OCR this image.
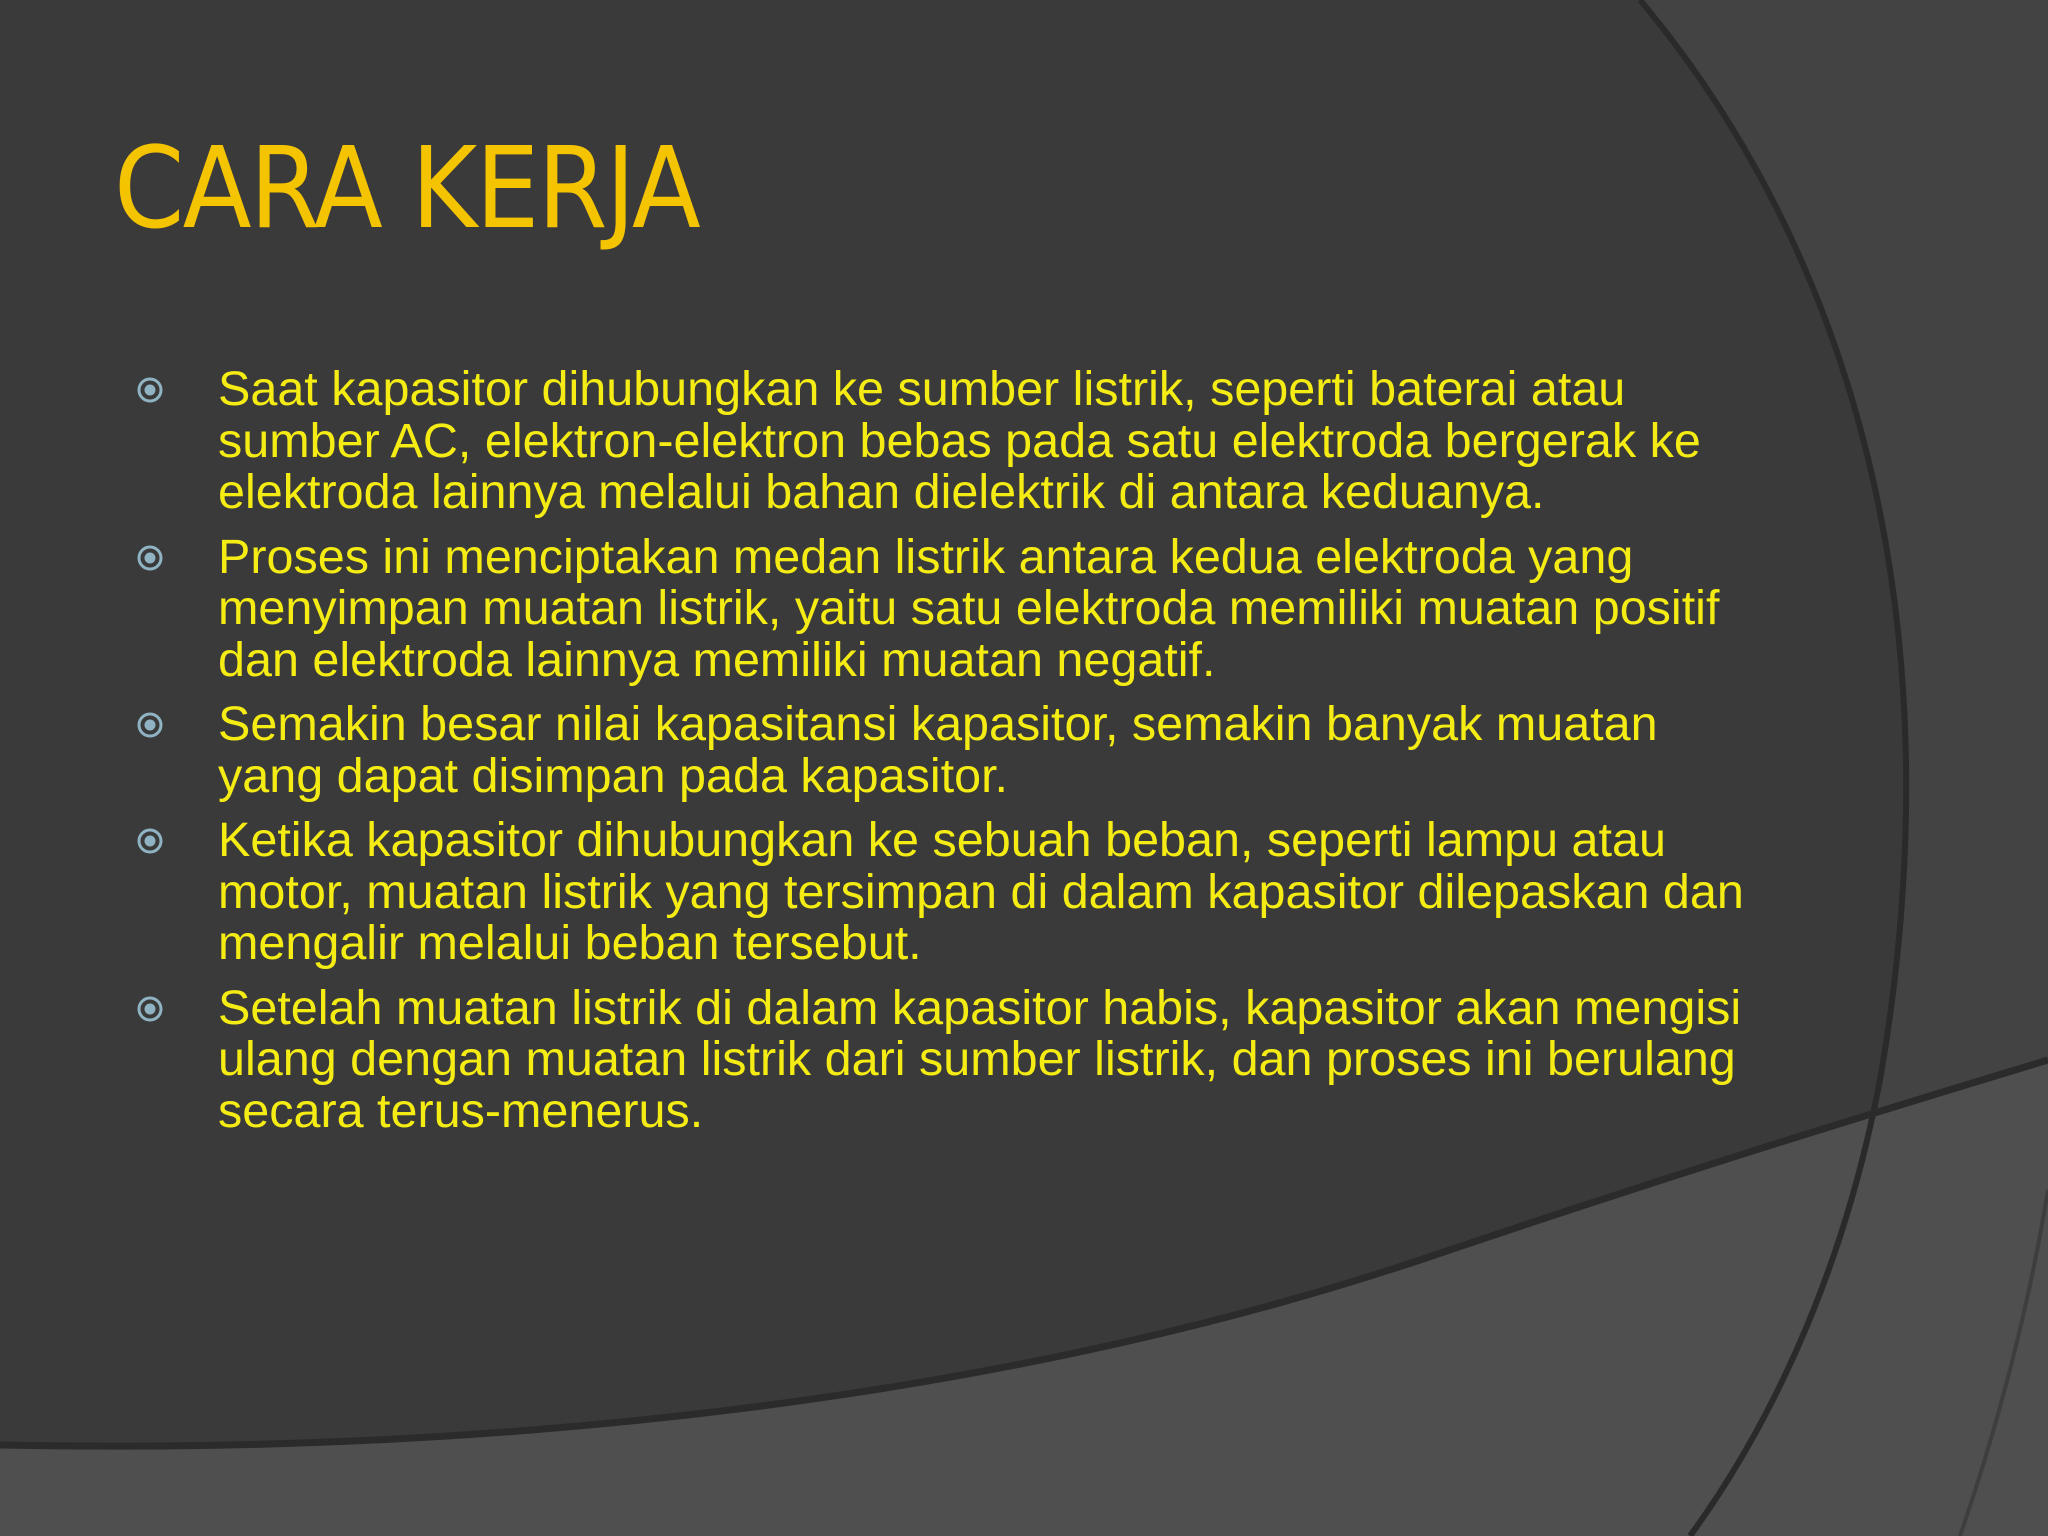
CARA KERJA
Saat kapasitor dihubungkan ke sumber listrik, seperti baterai atau sumber AC, elektron-elektron bebas pada satu elektroda bergerak ke elektroda lainnya melalui bahan dielektrik di antara keduanya.
Proses ini menciptakan medan listrik antara kedua elektroda yang menyimpan muatan listrik, yaitu satu elektroda memiliki muatan positif dan elektroda lainnya memiliki muatan negatif.
Semakin besar nilai kapasitansi kapasitor, semakin banyak muatan yang dapat disimpan pada kapasitor.
Ketika kapasitor dihubungkan ke sebuah beban, seperti lampu atau motor, muatan listrik yang tersimpan di dalam kapasitor dilepaskan dan mengalir melalui beban tersebut.
Setelah muatan listrik di dalam kapasitor habis, kapasitor akan mengisi ulang dengan muatan listrik dari sumber listrik, dan proses ini berulang secara terus-menerus.
